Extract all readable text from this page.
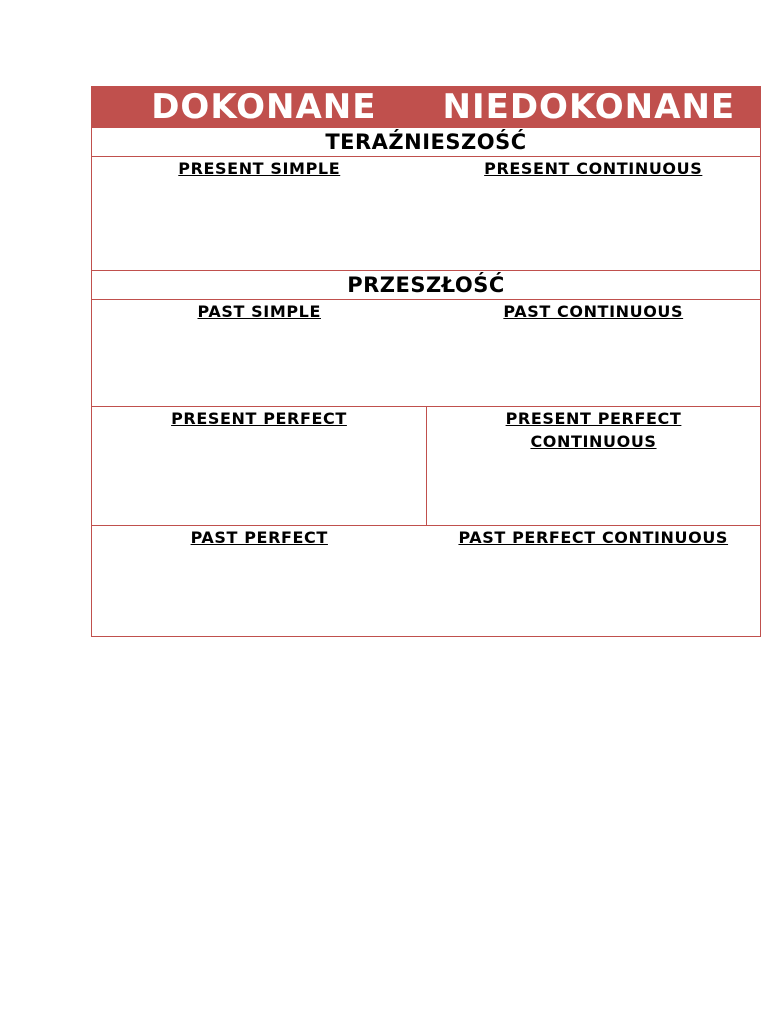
DOKONANE	NIEDOKONANE
TERAŹNIESZOŚĆ	
PRESENT SIMPLE	PRESENT CONTINUOUS
PRZESZŁOŚĆ	
PAST SIMPLE	PAST CONTINUOUS
PRESENT PERFECT	PRESENT PERFECT CONTINUOUS
PAST PERFECT	PAST PERFECT CONTINUOUS
